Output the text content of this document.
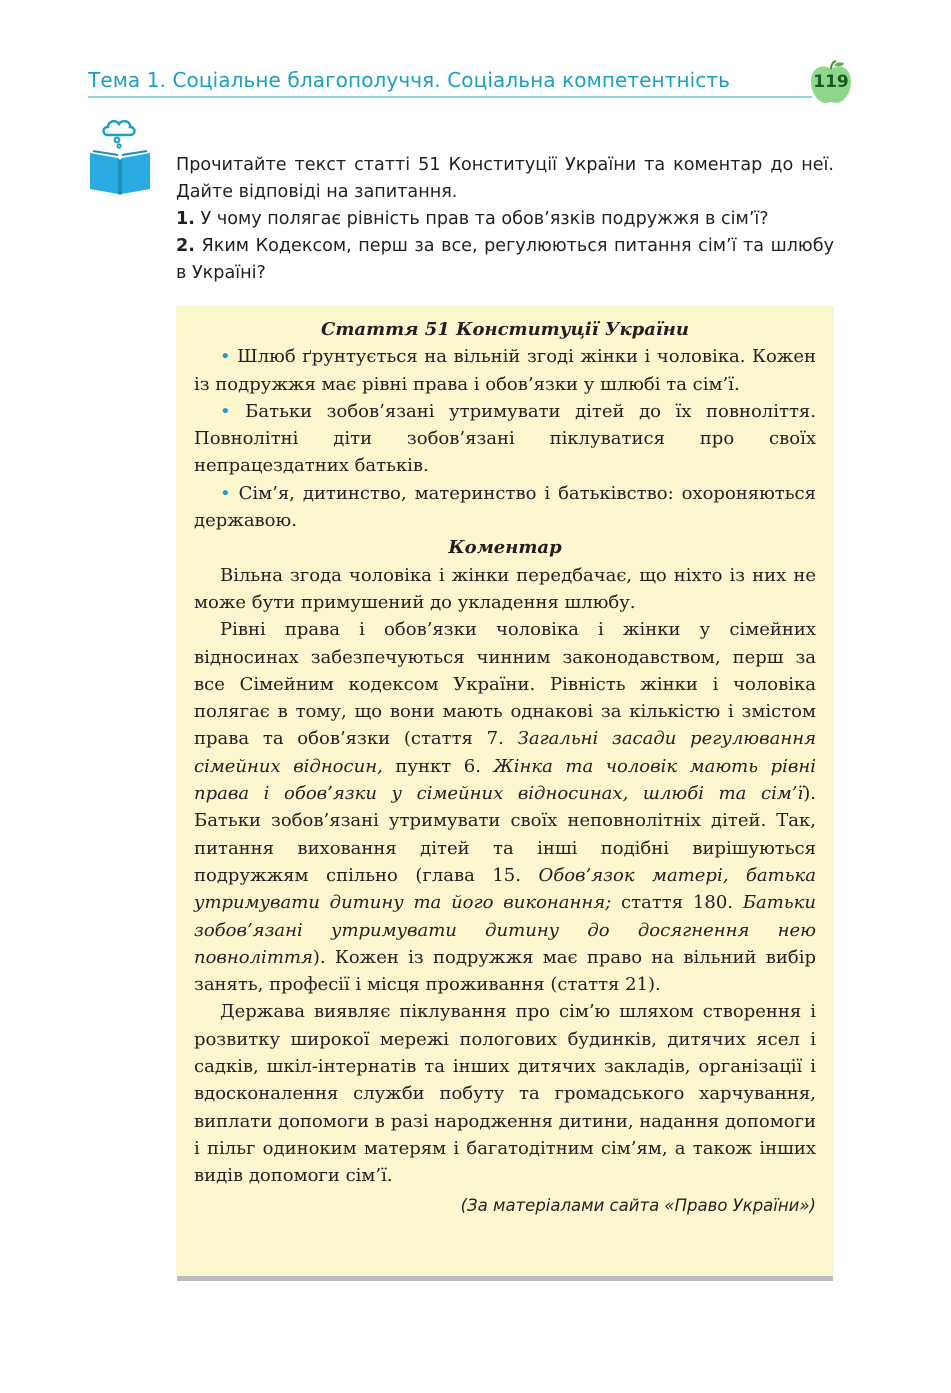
Тема 1. Соціальне благополуччя. Соціальна компетентність	119

Прочитайте текст статті 51 Конституції України та коментар до неї. Дайте відповіді на запитання.

1. У чому полягає рівність прав та обов’язків подружжя в сім’ї?

2. Яким Кодексом, перш за все, регулюються питання сім’ї та шлюбу в Україні?

Стаття 51 Конституції України

• Шлюб ґрунтується на вільній згоді жінки і чоловіка. Кожен із подружжя має рівні права і обов’язки у шлюбі та сім’ї.

• Батьки зобов’язані утримувати дітей до їх повноліття. Повнолітні діти зобов’язані піклуватися про своїх непрацездатних батьків.

• Сім’я, дитинство, материнство і батьківство: охороняються державою.

Коментар

Вільна згода чоловіка і жінки передбачає, що ніхто із них не може бути примушений до укладення шлюбу.

Рівні права і обов’язки чоловіка і жінки у сімейних відносинах забезпечуються чинним законодавством, перш за все Сімейним кодексом України. Рівність жінки і чоловіка полягає в тому, що вони мають однакові за кількістю і змістом права та обов’язки (стаття 7. Загальні засади регулювання сімейних відносин, пункт 6. Жінка та чоловік мають рівні права і обов’язки у сімейних відносинах, шлюбі та сім’ї). Батьки зобов’язані утримувати своїх неповнолітніх дітей. Так, питання виховання дітей та інші подібні вирішуються подружжям спільно (глава 15. Обов’язок матері, батька утримувати дитину та його виконання; стаття 180. Батьки зобов’язані утримувати дитину до досягнення нею повноліття). Кожен із подружжя має право на вільний вибір занять, професії і місця проживання (стаття 21).

Держава виявляє піклування про сім’ю шляхом створення і розвитку широкої мережі пологових будинків, дитячих ясел і садків, шкіл-інтернатів та інших дитячих закладів, організації і вдосконалення служби побуту та громадського харчування, виплати допомоги в разі народження дитини, надання допомоги і пільг одиноким матерям і багатодітним сім’ям, а також інших видів допомоги сім’ї.

(За матеріалами сайта «Право України»)
